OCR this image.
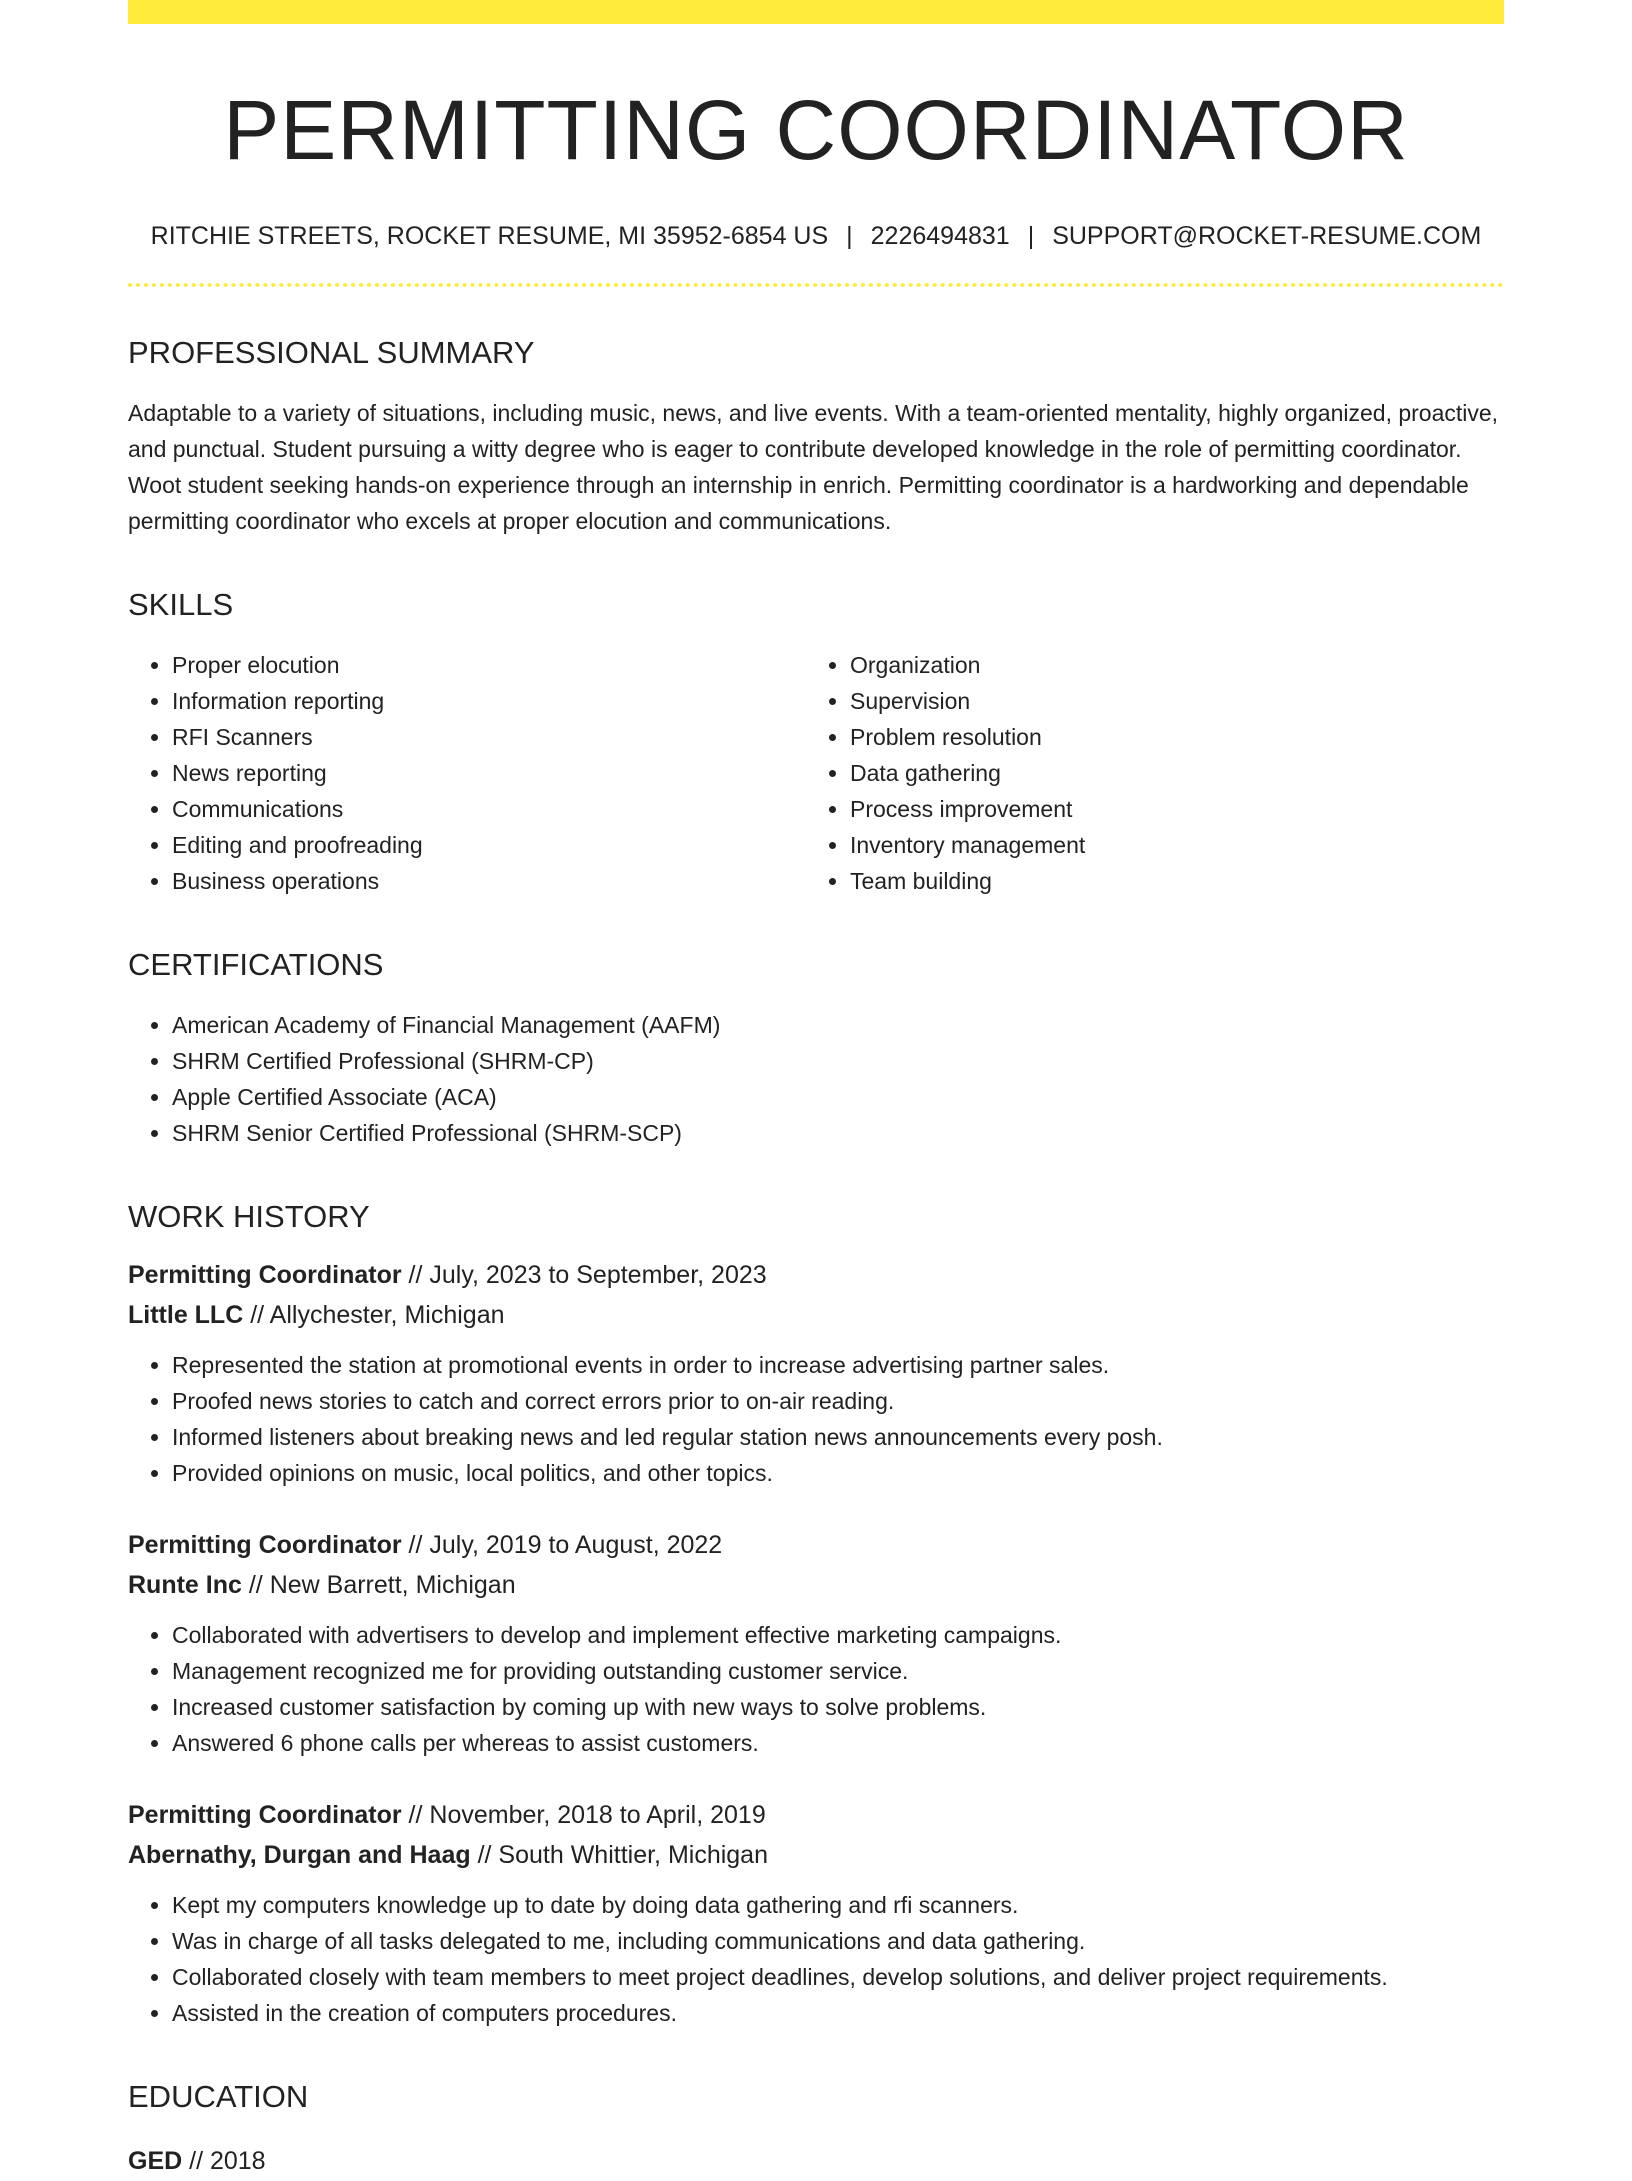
PERMITTING COORDINATOR
RITCHIE STREETS, ROCKET RESUME, MI 35952-6854 US | 2226494831 | SUPPORT@ROCKET-RESUME.COM
PROFESSIONAL SUMMARY

Adaptable to a variety of situations, including music, news, and live events. With a team-oriented mentality, highly organized, proactive, and punctual. Student pursuing a witty degree who is eager to contribute developed knowledge in the role of permitting coordinator. Woot student seeking hands-on experience through an internship in enrich. Permitting coordinator is a hardworking and dependable permitting coordinator who excels at proper elocution and communications.

SKILLS
• Proper elocution
• Information reporting
• RFI Scanners
• News reporting
• Communications
• Editing and proofreading
• Business operations
• Organization
• Supervision
• Problem resolution
• Data gathering
• Process improvement
• Inventory management
• Team building
CERTIFICATIONS
• American Academy of Financial Management (AAFM)
• SHRM Certified Professional (SHRM-CP)
• Apple Certified Associate (ACA)
• SHRM Senior Certified Professional (SHRM-SCP)
WORK HISTORY
Permitting Coordinator // July, 2023 to September, 2023
Little LLC // Allychester, Michigan
• Represented the station at promotional events in order to increase advertising partner sales.
• Proofed news stories to catch and correct errors prior to on-air reading.
• Informed listeners about breaking news and led regular station news announcements every posh.
• Provided opinions on music, local politics, and other topics.
Permitting Coordinator // July, 2019 to August, 2022
Runte Inc // New Barrett, Michigan
• Collaborated with advertisers to develop and implement effective marketing campaigns.
• Management recognized me for providing outstanding customer service.
• Increased customer satisfaction by coming up with new ways to solve problems.
• Answered 6 phone calls per whereas to assist customers.
Permitting Coordinator // November, 2018 to April, 2019
Abernathy, Durgan and Haag // South Whittier, Michigan
• Kept my computers knowledge up to date by doing data gathering and rfi scanners.
• Was in charge of all tasks delegated to me, including communications and data gathering.
• Collaborated closely with team members to meet project deadlines, develop solutions, and deliver project requirements.
• Assisted in the creation of computers procedures.
EDUCATION
GED // 2018
